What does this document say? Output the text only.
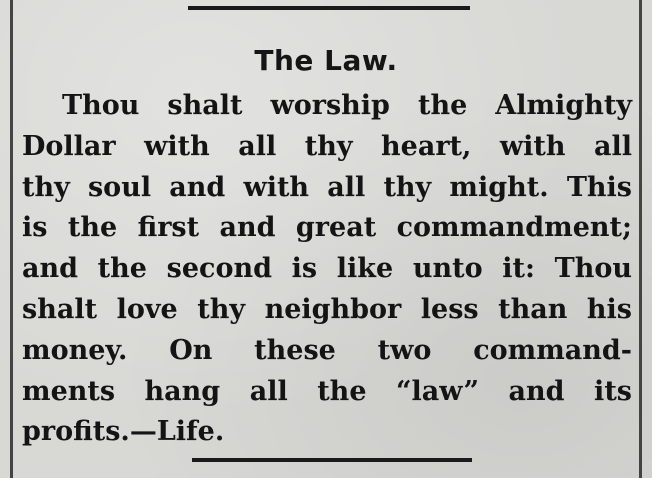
The Law.
Thou shalt worship the Almighty
Dollar with all thy heart, with all
thy soul and with all thy might. This
is the first and great commandment;
and the second is like unto it: Thou
shalt love thy neighbor less than his
money. On these two command-
ments hang all the “law” and its
profits.—Life.
